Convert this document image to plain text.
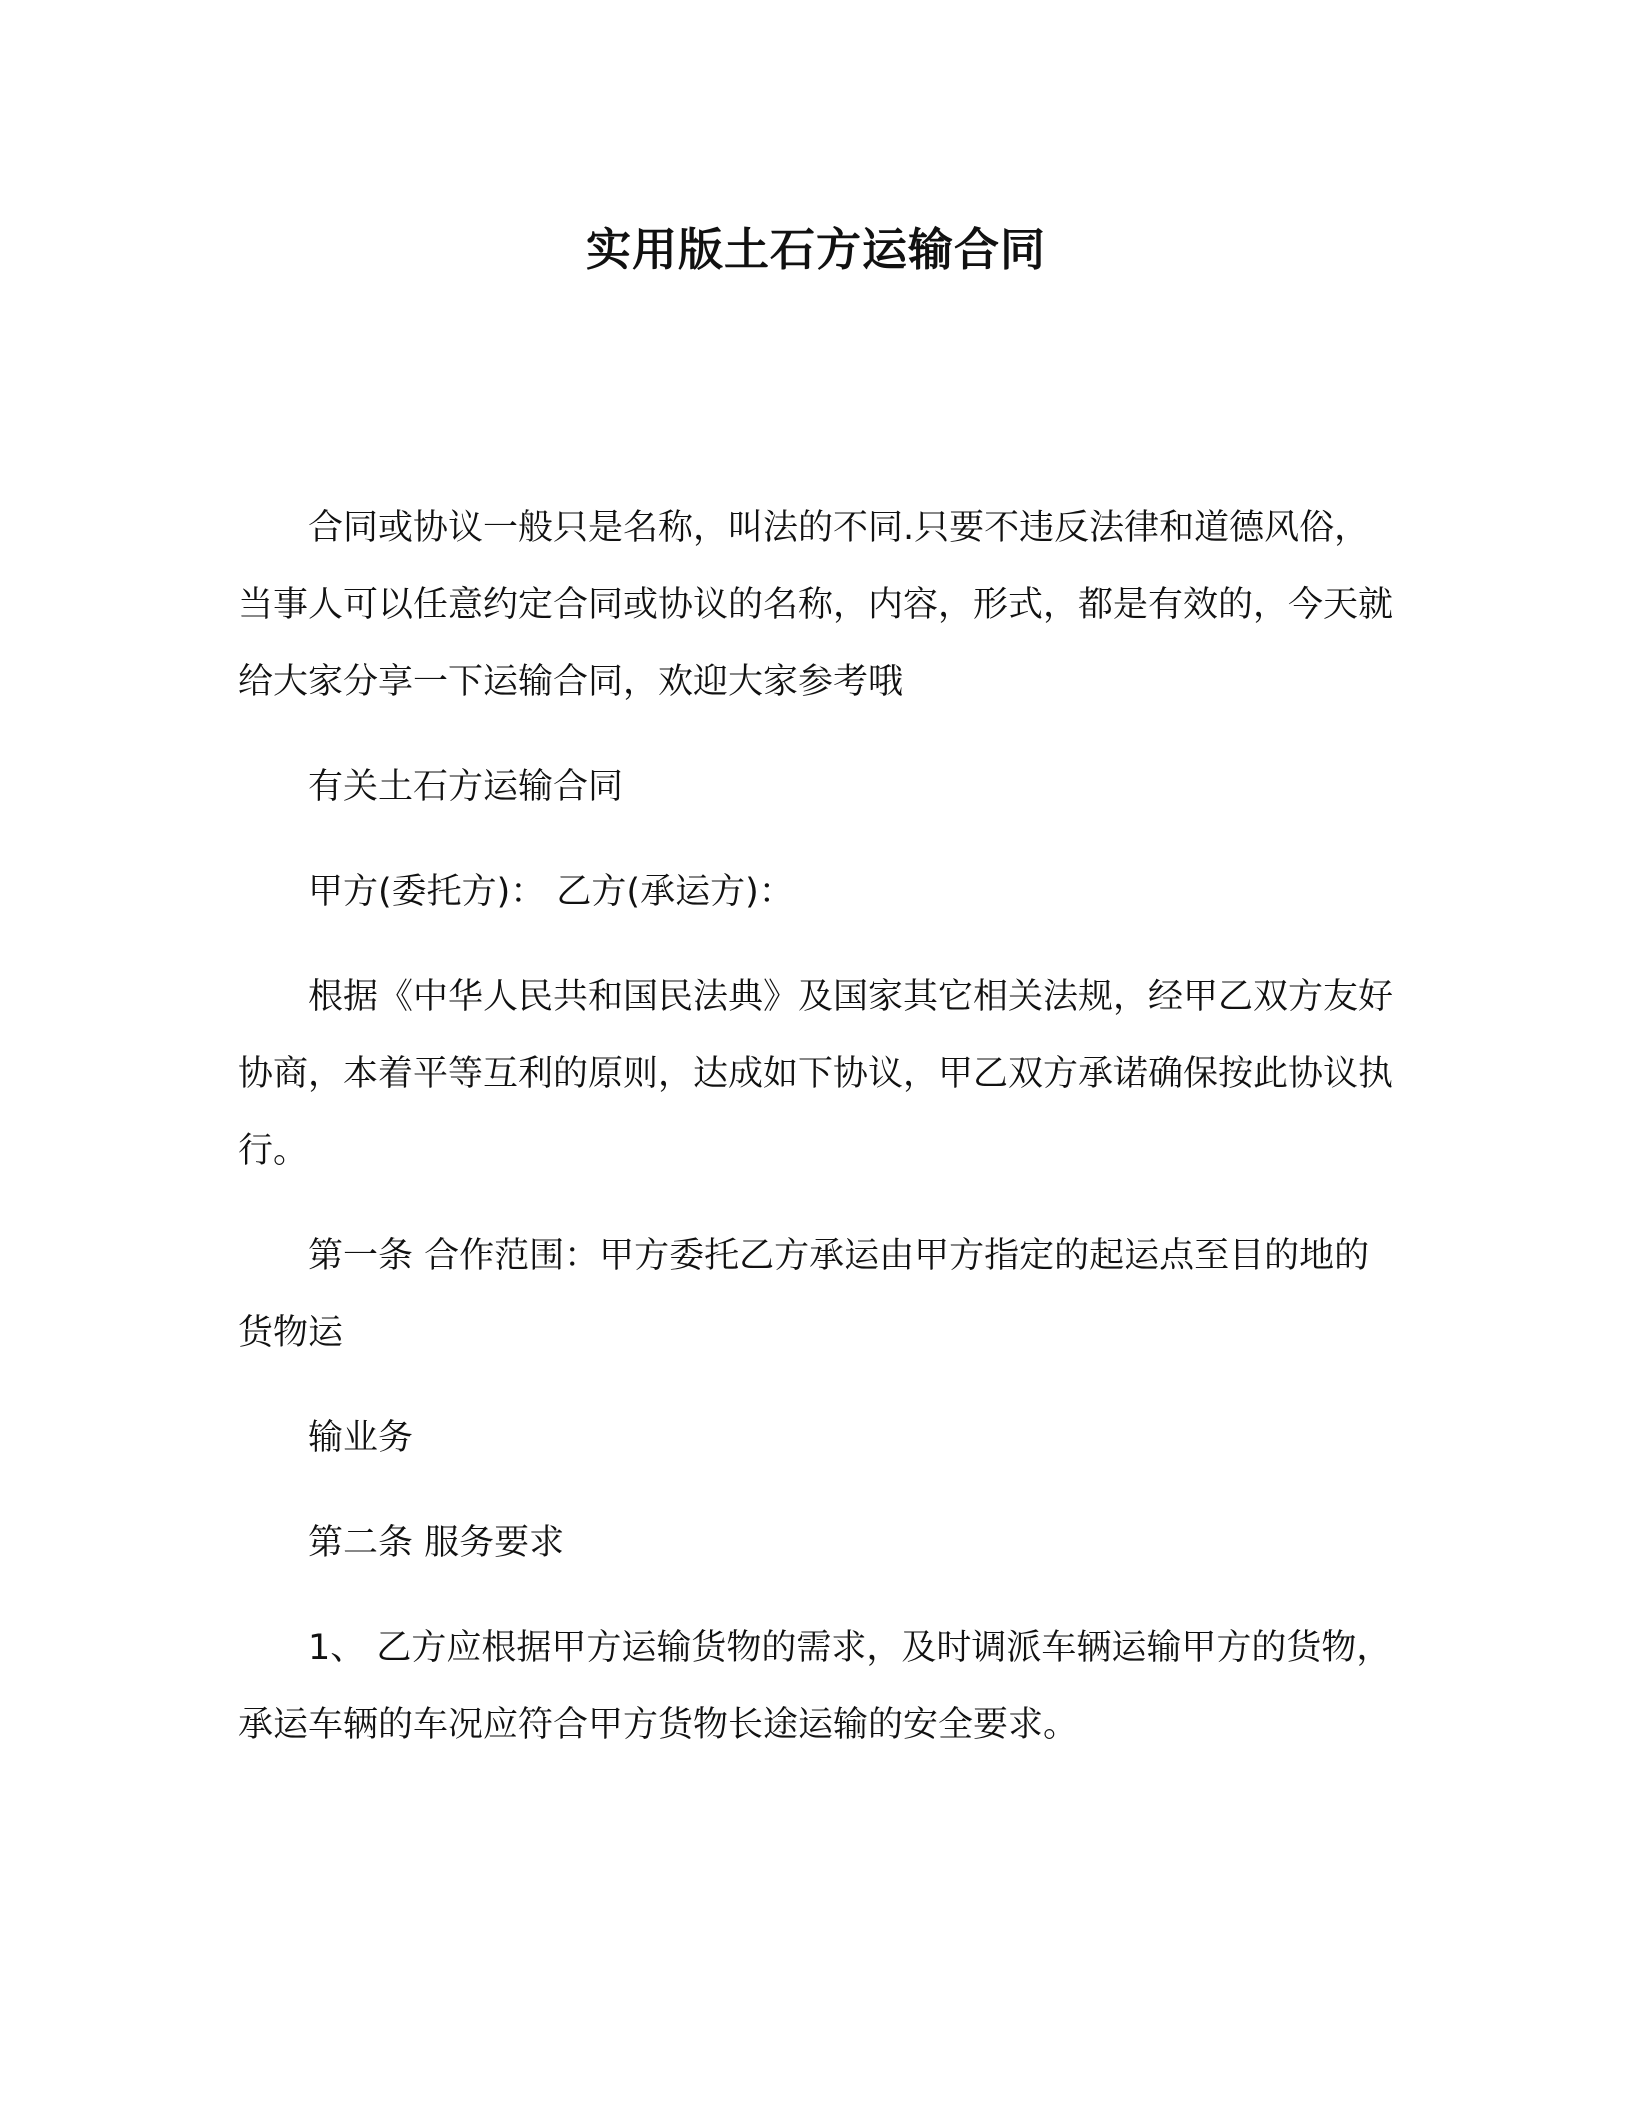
实用版土石方运输合同

合同或协议一般只是名称，叫法的不同.只要不违反法律和道德风俗，当事人可以任意约定合同或协议的名称，内容，形式，都是有效的，今天就给大家分享一下运输合同，欢迎大家参考哦

有关土石方运输合同

甲方(委托方)： 乙方(承运方)：

根据《中华人民共和国民法典》及国家其它相关法规，经甲乙双方友好协商，本着平等互利的原则，达成如下协议，甲乙双方承诺确保按此协议执行。

第一条 合作范围：甲方委托乙方承运由甲方指定的起运点至目的地的货物运

输业务

第二条 服务要求

1、 乙方应根据甲方运输货物的需求，及时调派车辆运输甲方的货物，承运车辆的车况应符合甲方货物长途运输的安全要求。
